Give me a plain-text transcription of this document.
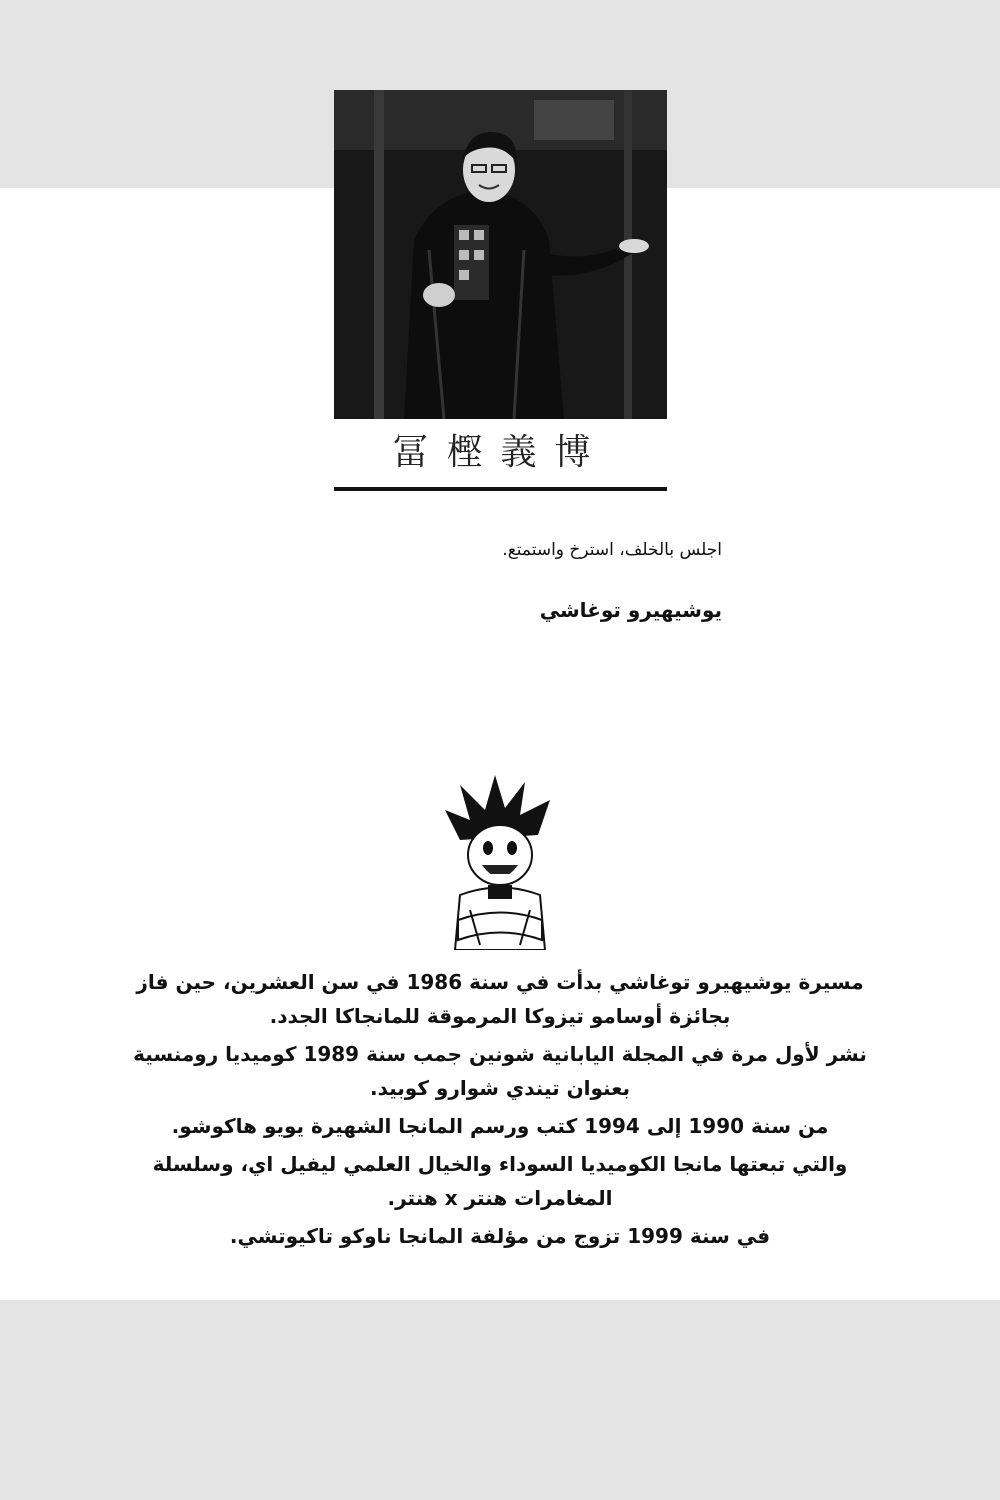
冨樫義博
اجلس بالخلف، استرخ واستمتع.
يوشيهيرو توغاشي

مسيرة يوشيهيرو توغاشي بدأت في سنة 1986 في سن العشرين، حين فاز بجائزة أوسامو تيزوكا المرموقة للمانجاكا الجدد.

نشر لأول مرة في المجلة اليابانية شونين جمب سنة 1989 كوميديا رومنسية بعنوان تيندي شوارو كوبيد.

من سنة 1990 إلى 1994 كتب ورسم المانجا الشهيرة يويو هاكوشو.

والتي تبعتها مانجا الكوميديا السوداء والخيال العلمي ليفيل اي، وسلسلة المغامرات هنتر x هنتر.

في سنة 1999 تزوج من مؤلفة المانجا ناوكو تاكيوتشي.
